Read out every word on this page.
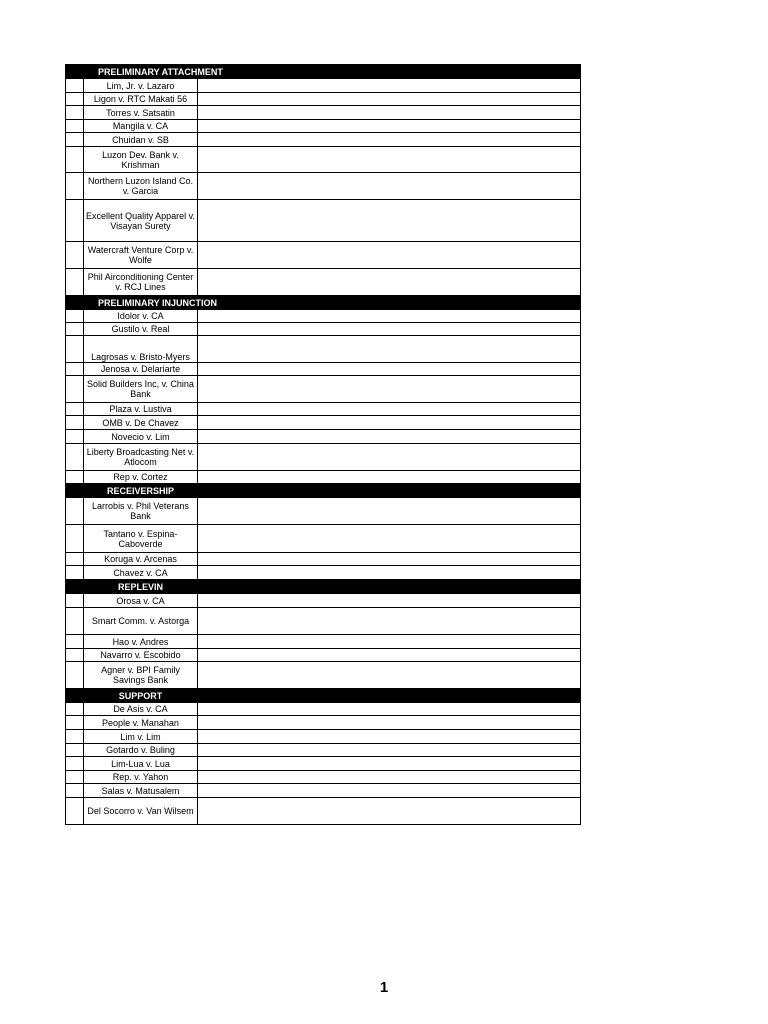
	PRELIMINARY ATTACHMENT	
	Lim, Jr. v. Lazaro	
	Ligon v. RTC Makati 56	
	Torres v. Satsatin	
	Mangila v. CA	
	Chuidan v. SB	
	Luzon Dev. Bank v. Krishman	
	Northern Luzon Island Co. v. Garcia	
	Excellent Quality Apparel v. Visayan Surety	
	Watercraft Venture Corp v. Wolfe	
	Phil Airconditioning Center v. RCJ Lines	
	PRELIMINARY INJUNCTION	
	Idolor v. CA	
	Gustilo v. Real	
	Lagrosas v. Bristo-Myers	
	Jenosa v. Delariarte	
	Solid Builders Inc, v. China Bank	
	Plaza v. Lustiva	
	OMB v. De Chavez	
	Novecio v. Lim	
	Liberty Broadcasting Net v. Atlocom	
	Rep v. Cortez	
	RECEIVERSHIP	
	Larrobis v. Phil Veterans Bank	
	Tantano v. Espina-Caboverde	
	Koruga v. Arcenas	
	Chavez v. CA	
	REPLEVIN	
	Orosa v. CA	
	Smart Comm. v. Astorga	
	Hao v. Andres	
	Navarro v. Escobido	
	Agner v. BPI Family Savings Bank	
	SUPPORT	
	De Asis v. CA	
	People v. Manahan	
	Lim v. Lim	
	Gotardo v. Buling	
	Lim-Lua v. Lua	
	Rep. v. Yahon	
	Salas v. Matusalem	
	Del Socorro v. Van Wilsem	
1
